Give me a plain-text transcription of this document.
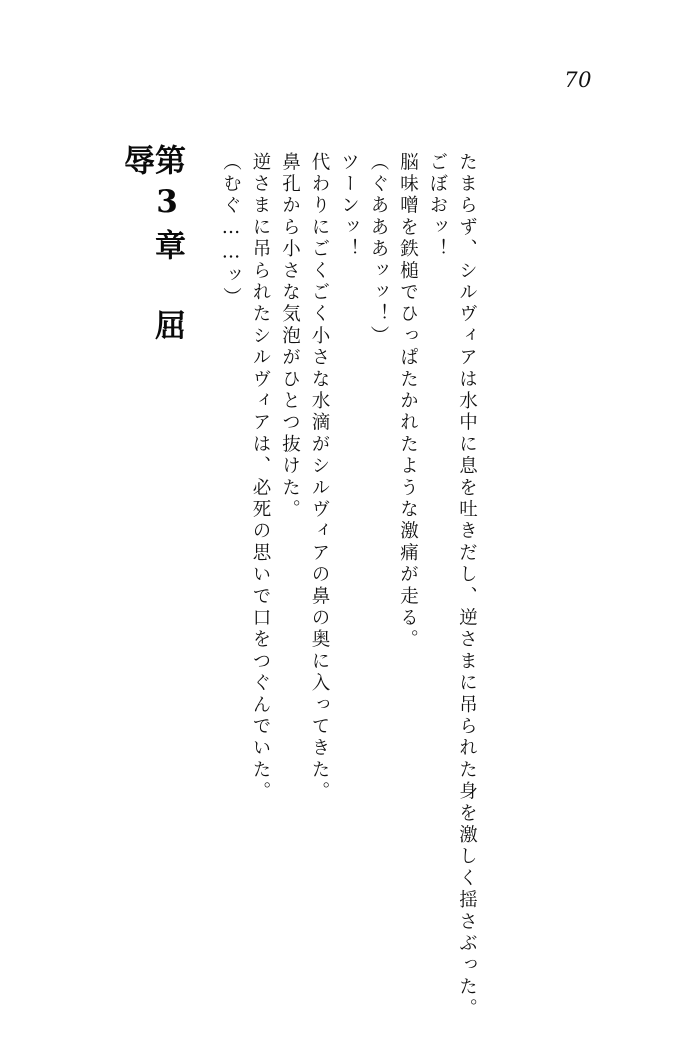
70
第3章　屈　辱	（むぐ……ッ） 逆さまに吊られたシルヴィアは、必死の思いで口をつぐんでいた。 鼻孔から小さな気泡がひとつ抜けた。 代わりにごくごく小さな水滴がシルヴィアの鼻の奥に入ってきた。 ツーンッ！ （ぐあああッッ！） 脳味噌を鉄槌でひっぱたかれたような激痛が走る。 ごぼおッ！ たまらず、シルヴィアは水中に息を吐きだし、逆さまに吊られた身を激しく揺さぶった。
